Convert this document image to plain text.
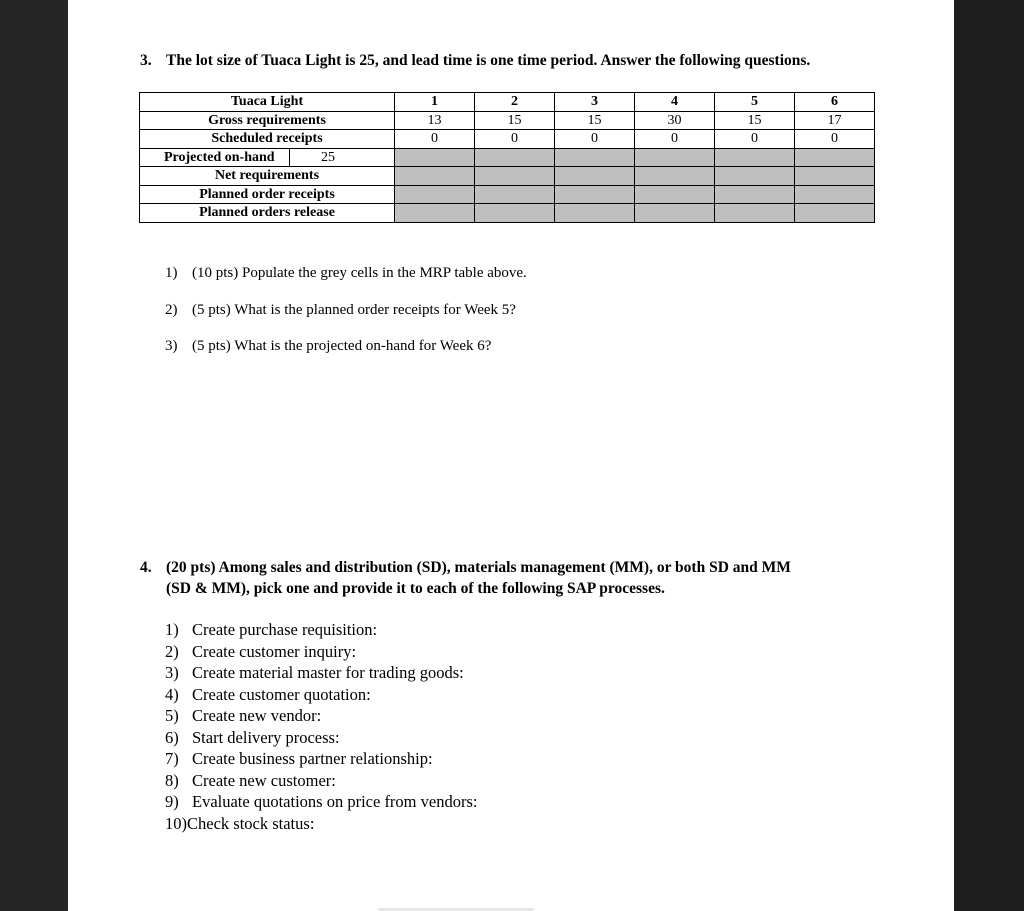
3. The lot size of Tuaca Light is 25, and lead time is one time period. Answer the following questions.
Tuaca Light	1	2	3	4	5	6
Gross requirements	13	15	15	30	15	17
Scheduled receipts	0	0	0	0	0	0

Projected on-hand 25						

Net requirements						
Planned order receipts						
Planned orders release						
1) (10 pts) Populate the grey cells in the MRP table above.
2) (5 pts) What is the planned order receipts for Week 5?
3) (5 pts) What is the projected on-hand for Week 6?
4. (20 pts) Among sales and distribution (SD), materials management (MM), or both SD and MM
(SD & MM), pick one and provide it to each of the following SAP processes.
1) Create purchase requisition:
2) Create customer inquiry:
3) Create material master for trading goods:
4) Create customer quotation:
5) Create new vendor:
6) Start delivery process:
7) Create business partner relationship:
8) Create new customer:
9) Evaluate quotations on price from vendors:
10)Check stock status:
